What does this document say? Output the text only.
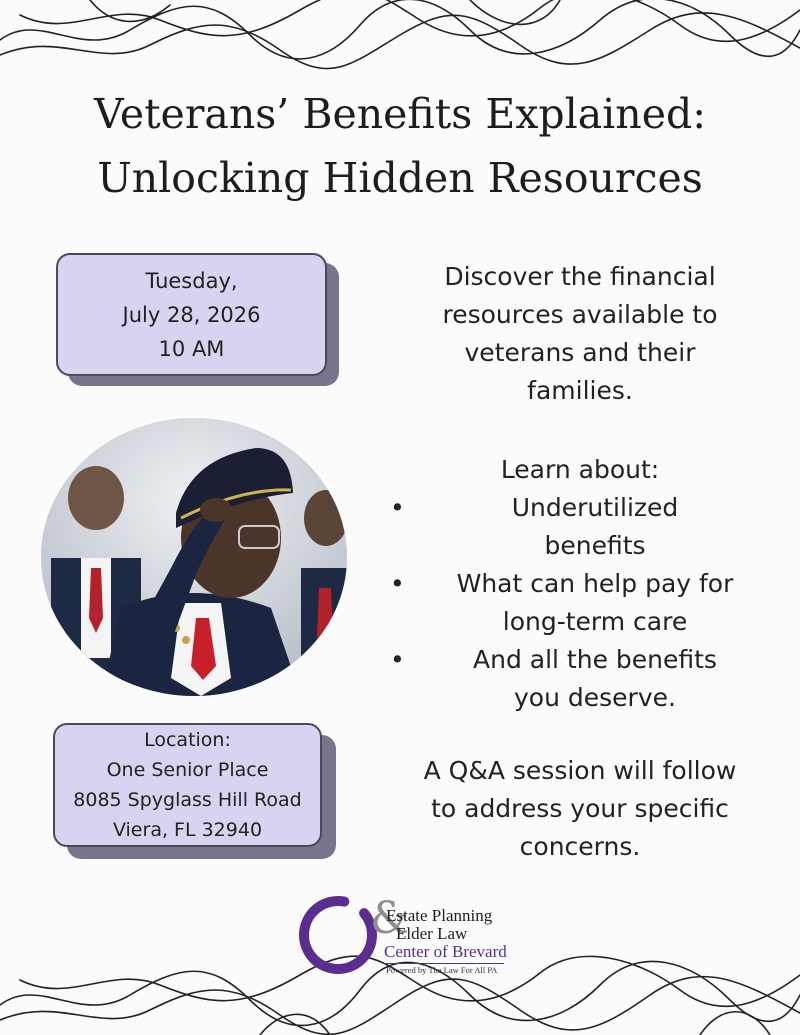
Veterans’ Benefits Explained:
Unlocking Hidden Resources
Tuesday,
July 28, 2026
10 AM
Location:
One Senior Place
8085 Spyglass Hill Road
Viera, FL 32940
Discover the financial
resources available to
veterans and their
families.
Learn about:
• Underutilized
benefits
• What can help pay for
long-term care
• And all the benefits
you deserve.
A Q&A session will follow
to address your specific
concerns.
&
Estate Planning
Elder Law
Center of Brevard
Powered by The Law For All PA
